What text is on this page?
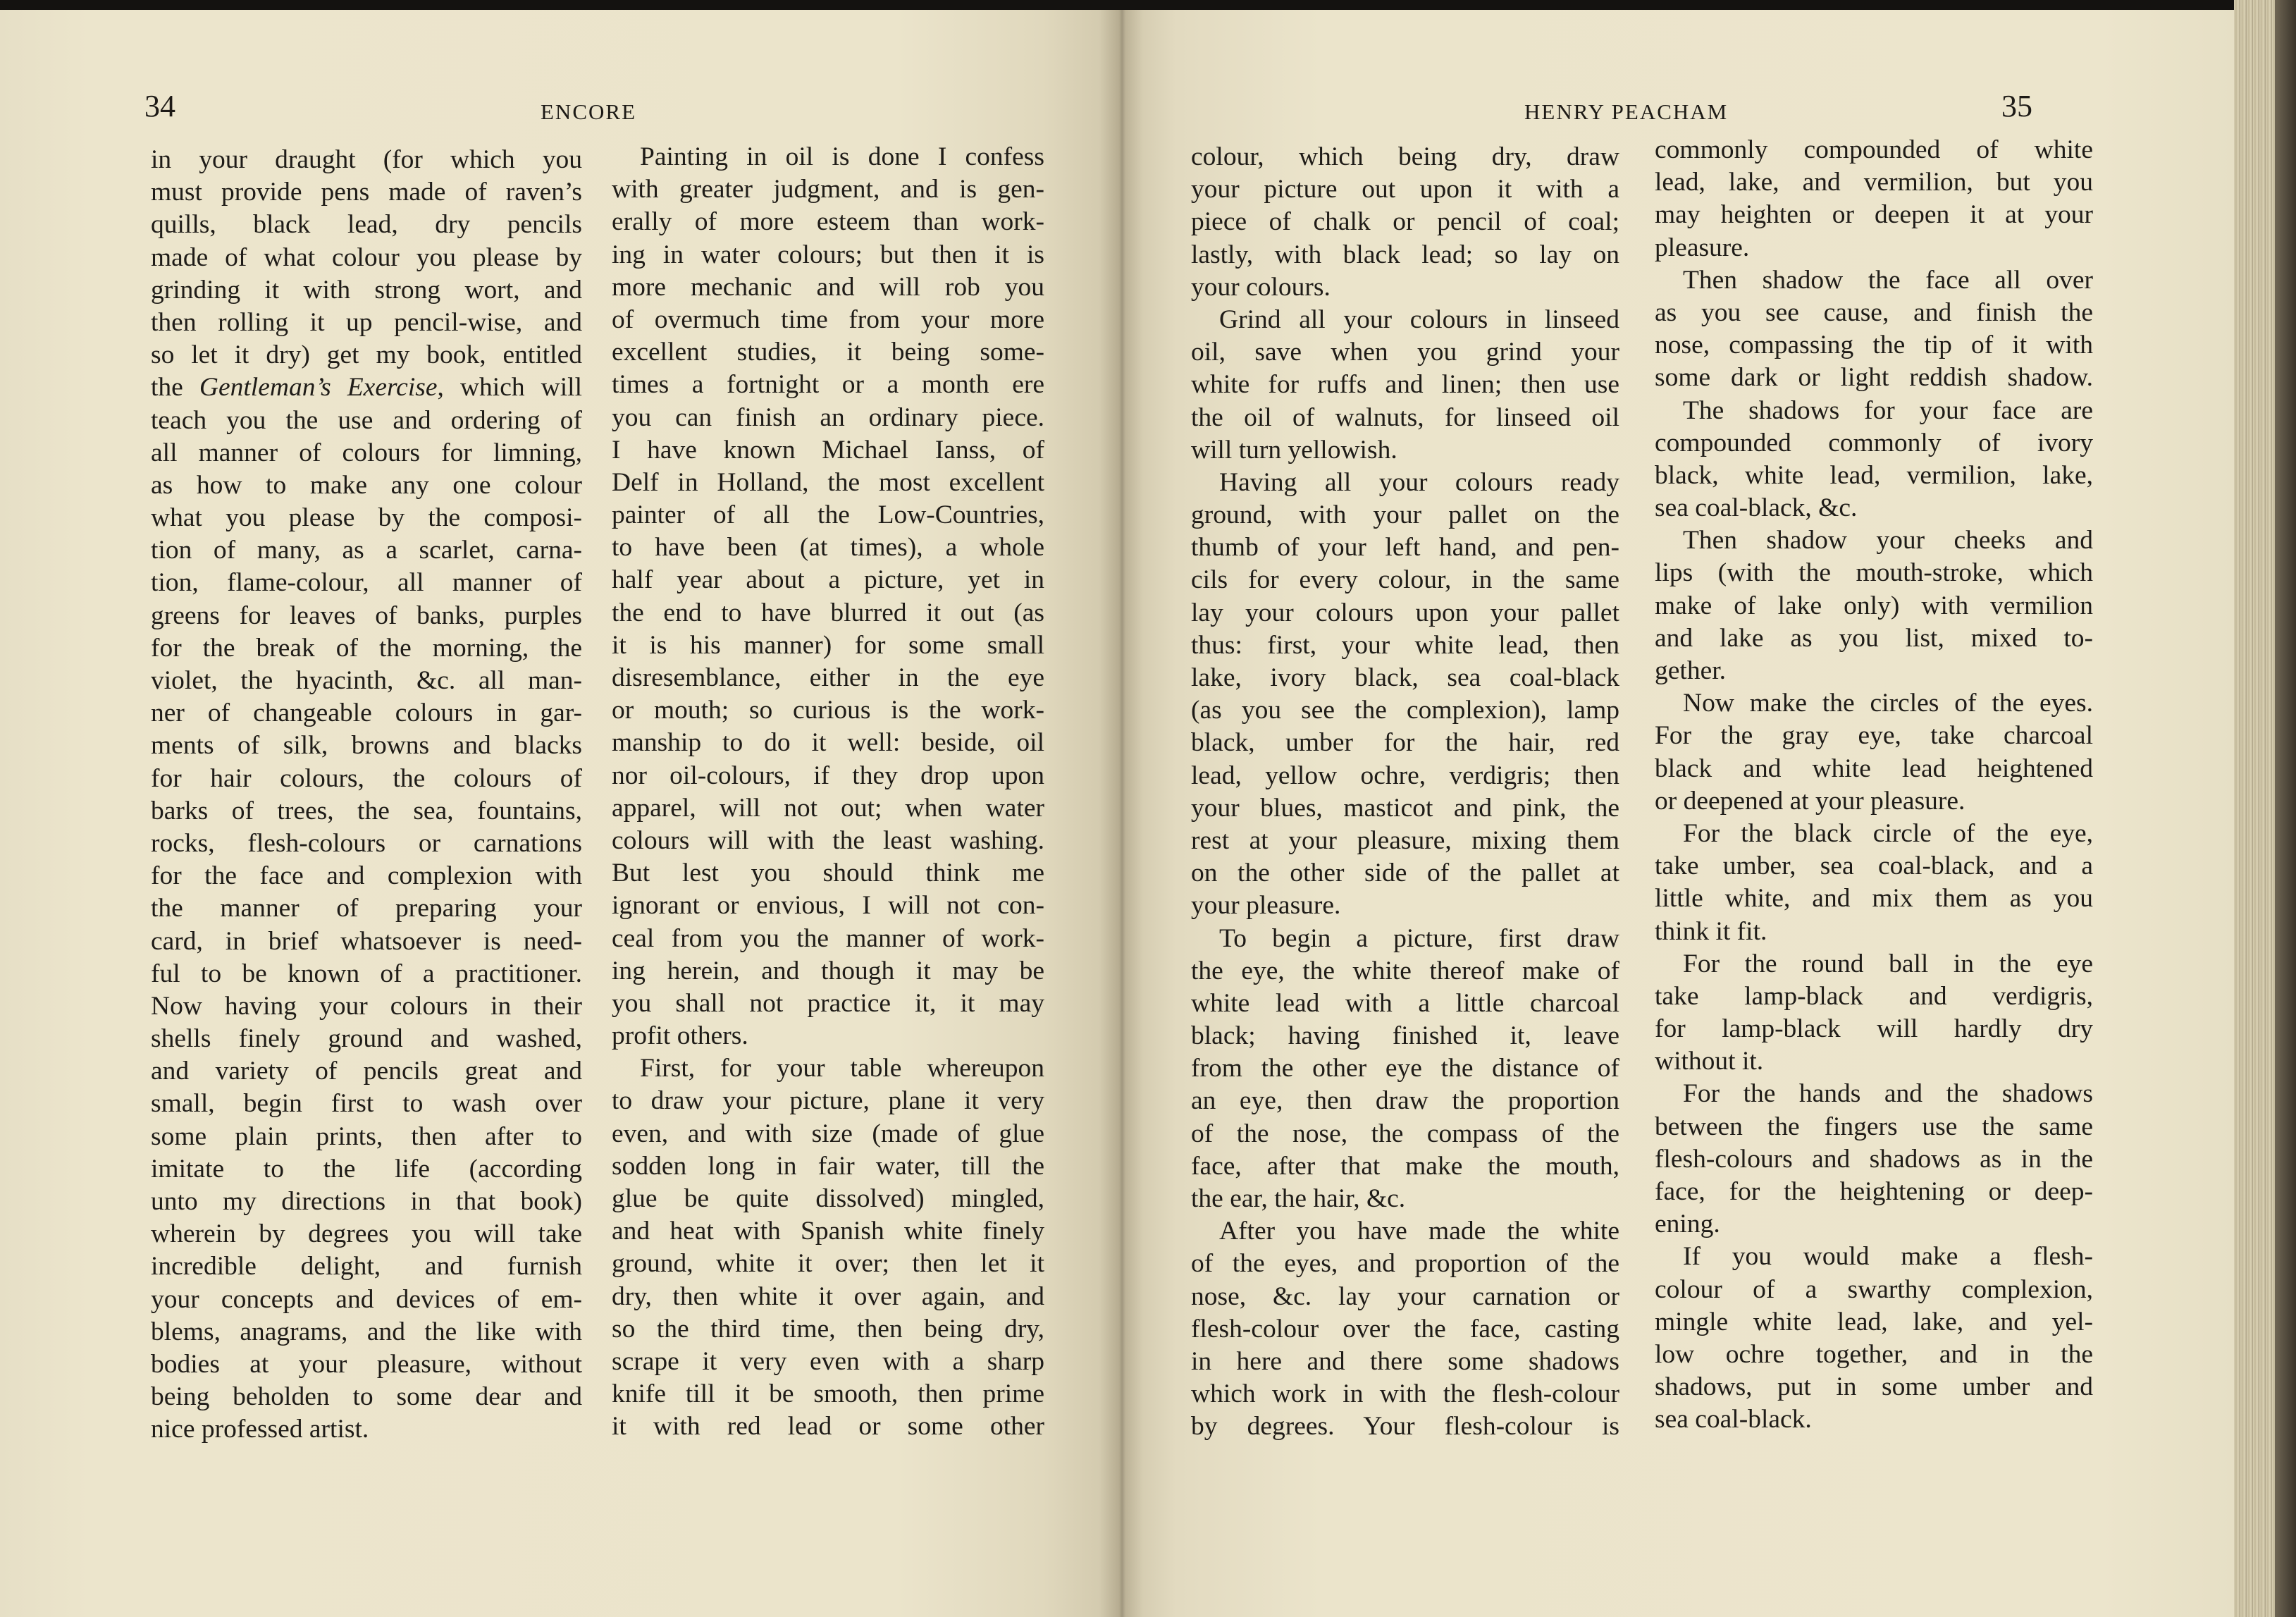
34	ENCORE
in your draught (for which you
must provide pens made of raven’s
quills, black lead, dry pencils
made of what colour you please by
grinding it with strong wort, and
then rolling it up pencil-wise, and
so let it dry) get my book, entitled
the Gentleman’s Exercise, which will
teach you the use and ordering of
all manner of colours for limning,
as how to make any one colour
what you please by the composi-
tion of many, as a scarlet, carna-
tion, flame-colour, all manner of
greens for leaves of banks, purples
for the break of the morning, the
violet, the hyacinth, &c. all man-
ner of changeable colours in gar-
ments of silk, browns and blacks
for hair colours, the colours of
barks of trees, the sea, fountains,
rocks, flesh-colours or carnations
for the face and complexion with
the manner of preparing your
card, in brief whatsoever is need-
ful to be known of a practitioner.
Now having your colours in their
shells finely ground and washed,
and variety of pencils great and
small, begin first to wash over
some plain prints, then after to
imitate to the life (according
unto my directions in that book)
wherein by degrees you will take
incredible delight, and furnish
your concepts and devices of em-
blems, anagrams, and the like with
bodies at your pleasure, without
being beholden to some dear and
nice professed artist.
Painting in oil is done I confess
with greater judgment, and is gen-
erally of more esteem than work-
ing in water colours; but then it is
more mechanic and will rob you
of overmuch time from your more
excellent studies, it being some-
times a fortnight or a month ere
you can finish an ordinary piece.
I have known Michael Ianss, of
Delf in Holland, the most excellent
painter of all the Low-Countries,
to have been (at times), a whole
half year about a picture, yet in
the end to have blurred it out (as
it is his manner) for some small
disresemblance, either in the eye
or mouth; so curious is the work-
manship to do it well: beside, oil
nor oil-colours, if they drop upon
apparel, will not out; when water
colours will with the least washing.
But lest you should think me
ignorant or envious, I will not con-
ceal from you the manner of work-
ing herein, and though it may be
you shall not practice it, it may
profit others.
First, for your table whereupon
to draw your picture, plane it very
even, and with size (made of glue
sodden long in fair water, till the
glue be quite dissolved) mingled,
and heat with Spanish white finely
ground, white it over; then let it
dry, then white it over again, and
so the third time, then being dry,
scrape it very even with a sharp
knife till it be smooth, then prime
it with red lead or some other
HENRY PEACHAM	35
colour, which being dry, draw
your picture out upon it with a
piece of chalk or pencil of coal;
lastly, with black lead; so lay on
your colours.
Grind all your colours in linseed
oil, save when you grind your
white for ruffs and linen; then use
the oil of walnuts, for linseed oil
will turn yellowish.
Having all your colours ready
ground, with your pallet on the
thumb of your left hand, and pen-
cils for every colour, in the same
lay your colours upon your pallet
thus: first, your white lead, then
lake, ivory black, sea coal-black
(as you see the complexion), lamp
black, umber for the hair, red
lead, yellow ochre, verdigris; then
your blues, masticot and pink, the
rest at your pleasure, mixing them
on the other side of the pallet at
your pleasure.
To begin a picture, first draw
the eye, the white thereof make of
white lead with a little charcoal
black; having finished it, leave
from the other eye the distance of
an eye, then draw the proportion
of the nose, the compass of the
face, after that make the mouth,
the ear, the hair, &c.
After you have made the white
of the eyes, and proportion of the
nose, &c. lay your carnation or
flesh-colour over the face, casting
in here and there some shadows
which work in with the flesh-colour
by degrees. Your flesh-colour is
commonly compounded of white
lead, lake, and vermilion, but you
may heighten or deepen it at your
pleasure.
Then shadow the face all over
as you see cause, and finish the
nose, compassing the tip of it with
some dark or light reddish shadow.
The shadows for your face are
compounded commonly of ivory
black, white lead, vermilion, lake,
sea coal-black, &c.
Then shadow your cheeks and
lips (with the mouth-stroke, which
make of lake only) with vermilion
and lake as you list, mixed to-
gether.
Now make the circles of the eyes.
For the gray eye, take charcoal
black and white lead heightened
or deepened at your pleasure.
For the black circle of the eye,
take umber, sea coal-black, and a
little white, and mix them as you
think it fit.
For the round ball in the eye
take lamp-black and verdigris,
for lamp-black will hardly dry
without it.
For the hands and the shadows
between the fingers use the same
flesh-colours and shadows as in the
face, for the heightening or deep-
ening.
If you would make a flesh-
colour of a swarthy complexion,
mingle white lead, lake, and yel-
low ochre together, and in the
shadows, put in some umber and
sea coal-black.
